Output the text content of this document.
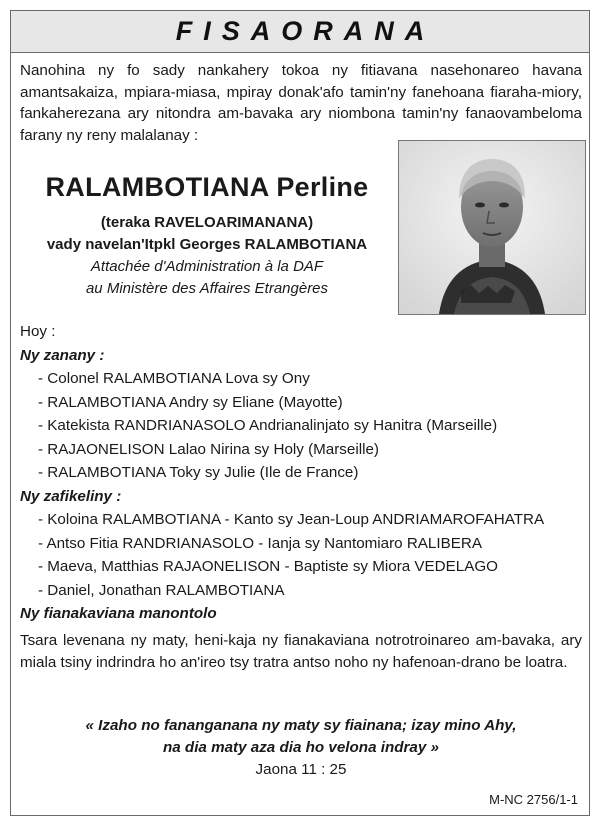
FISAORANA

Nanohina ny fo sady nankahery tokoa ny fitiavana nasehonareo havana amantsakaiza, mpiara-miasa, mpiray donak'afo tamin'ny fanehoana fiaraha-miory, fankaherezana ary nitondra am-bavaka ary niombona tamin'ny fanaovambeloma farany ny reny malalanay :

RALAMBOTIANA Perline

(teraka RAVELOARIMANANA)

vady navelan'Itpkl Georges RALAMBOTIANA

Attachée d'Administration à la DAF

au Ministère des Affaires Etrangères

Hoy :

Ny zanany :

- Colonel RALAMBOTIANA Lova sy Ony

- RALAMBOTIANA Andry sy Eliane (Mayotte)

- Katekista RANDRIANASOLO Andrianalinjato sy Hanitra (Marseille)

- RAJAONELISON Lalao Nirina sy Holy (Marseille)

- RALAMBOTIANA Toky sy Julie (Ile de France)

Ny zafikeliny :

- Koloina RALAMBOTIANA - Kanto sy Jean-Loup ANDRIAMAROFAHATRA

- Antso Fitia RANDRIANASOLO - Ianja sy Nantomiaro RALIBERA

- Maeva, Matthias RAJAONELISON - Baptiste sy Miora VEDELAGO

- Daniel, Jonathan RALAMBOTIANA

Ny fianakaviana manontolo

Tsara levenana ny maty, heni-kaja ny fianakaviana notrotroinareo am-bavaka, ary miala tsiny indrindra ho an'ireo tsy tratra antso noho ny hafenoan-drano be loatra.

« Izaho no fananganana ny maty sy fiainana; izay mino Ahy,

na dia maty aza dia ho velona indray »

Jaona 11 : 25

M-NC 2756/1-1
